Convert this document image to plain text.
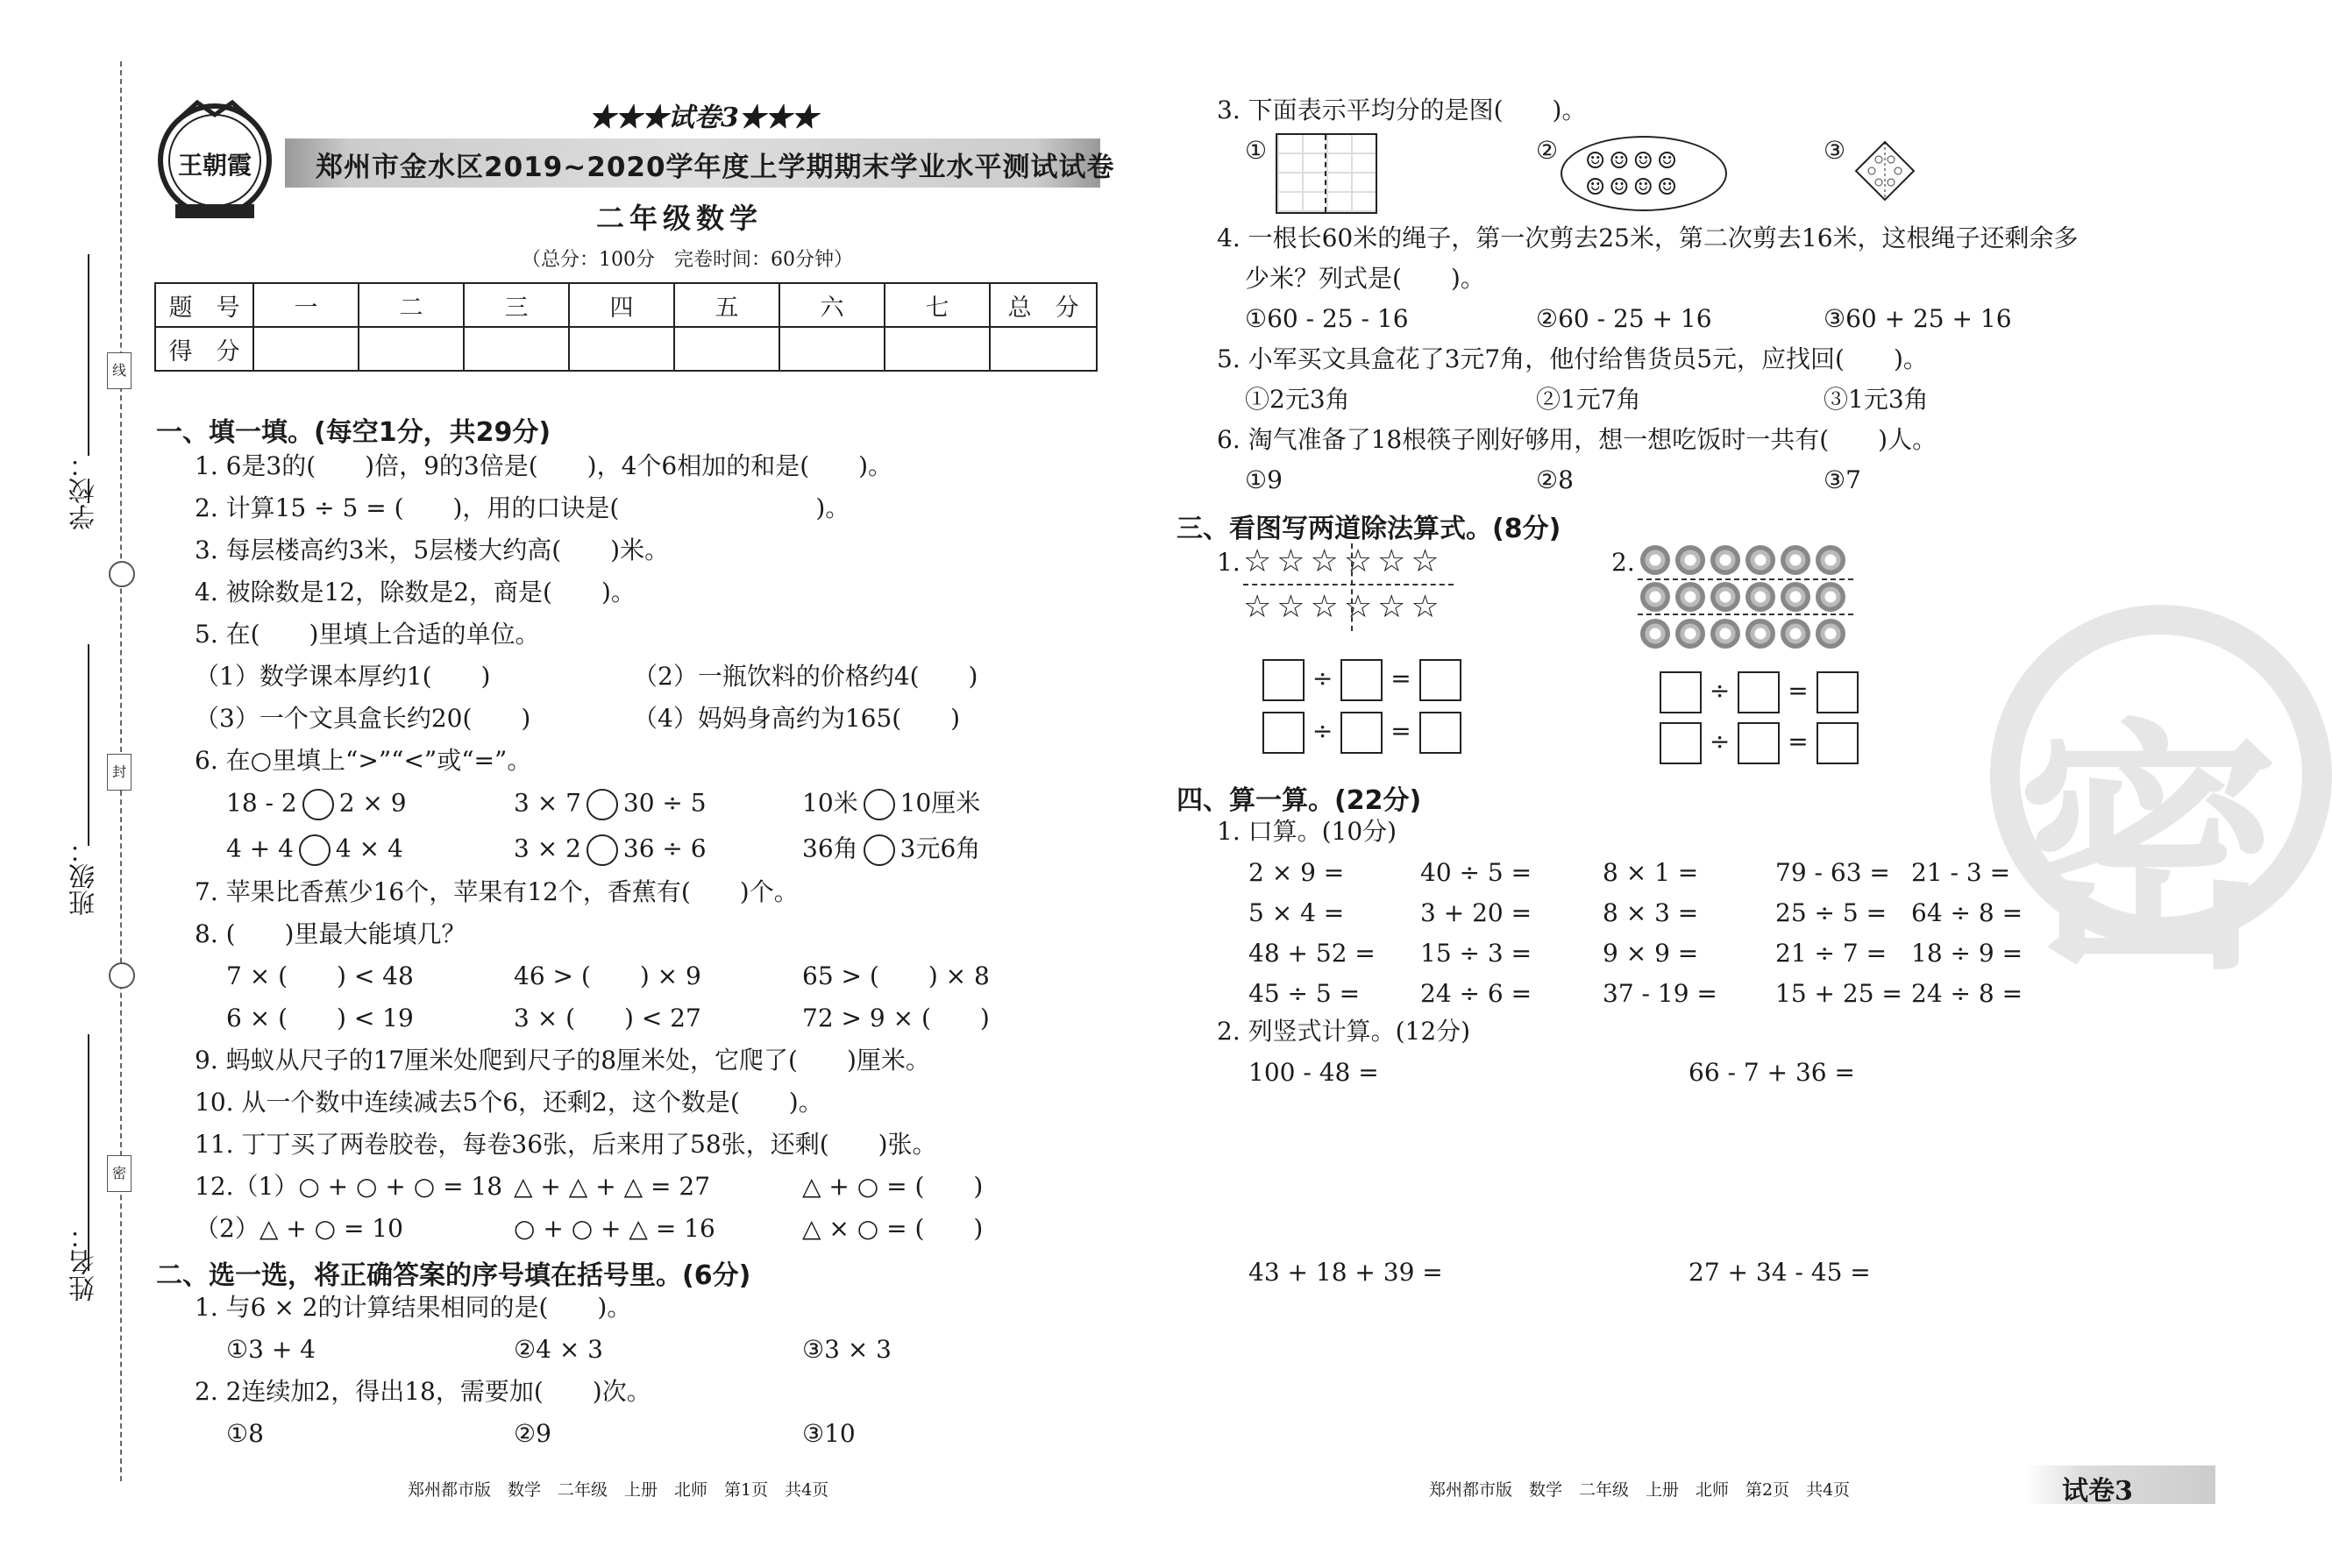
学校：
班级：
姓名：
线
封
密
王朝霞
★★★试卷3★★★
郑州市金水区2019~2020学年度上学期期末学业水平测试试卷
二年级数学
（总分：100分　完卷时间：60分钟）
题　号	一	二	三	四	五	六	七	总　分
得　分								
一、填一填。(每空1分，共29分)
1. 6是3的(　　)倍，9的3倍是(　　)，4个6相加的和是(　　)。
2. 计算15 ÷ 5 = (　　)，用的口诀是(　　　　　　　　)。
3. 每层楼高约3米，5层楼大约高(　　)米。
4. 被除数是12，除数是2，商是(　　)。
5. 在(　　)里填上合适的单位。
（1）数学课本厚约1(　　)	（2）一瓶饮料的价格约4(　　)
（3）一个文具盒长约20(　　)	（4）妈妈身高约为165(　　)
6. 在○里填上“>”“<”或“=”。
18 - 2 2 × 9	3 × 7 30 ÷ 5	10米 10厘米
4 + 4 4 × 4	3 × 2 36 ÷ 6	36角 3元6角
7. 苹果比香蕉少16个，苹果有12个，香蕉有(　　)个。
8. (　　)里最大能填几？
7 × (　　) < 48	46 > (　　) × 9	65 > (　　) × 8
6 × (　　) < 19	3 × (　　) < 27	72 > 9 × (　　)
9. 蚂蚁从尺子的17厘米处爬到尺子的8厘米处，它爬了(　　)厘米。
10. 从一个数中连续减去5个6，还剩2，这个数是(　　)。
11. 丁丁买了两卷胶卷，每卷36张，后来用了58张，还剩(　　)张。
12.（1）○ + ○ + ○ = 18 △ + △ + △ = 27	△ + ○ = (　　)
（2）△ + ○ = 10	○ + ○ + △ = 16	△ × ○ = (　　)
二、选一选，将正确答案的序号填在括号里。(6分)
1. 与6 × 2的计算结果相同的是(　　)。
①3 + 4	②4 × 3	③3 × 3
2. 2连续加2，得出18，需要加(　　)次。
①8	②9	③10
郑州都市版　数学　二年级　上册　北师　第1页　共4页
密
3. 下面表示平均分的是图(　　)。
①	② ☺☺☺☺
☺☺☺☺
③
4. 一根长60米的绳子，第一次剪去25米，第二次剪去16米，这根绳子还剩余多
少米？列式是(　　)。
①60 - 25 - 16	②60 - 25 + 16	③60 + 25 + 16
5. 小军买文具盒花了3元7角，他付给售货员5元，应找回(　　)。
①2元3角	②1元7角	③1元3角
6. 淘气准备了18根筷子刚好够用，想一想吃饭时一共有(　　)人。
①9	②8	③7
三、看图写两道除法算式。(8分)
1. ☆☆☆☆☆☆
☆☆☆☆☆☆
÷ =
÷ =
2.
÷ =
÷ =
四、算一算。(22分)
1. 口算。(10分)
2 × 9 =	40 ÷ 5 =	8 × 1 =	79 - 63 = 21 - 3 =
5 × 4 =	3 + 20 =	8 × 3 =	25 ÷ 5 = 64 ÷ 8 =
48 + 52 = 15 ÷ 3 =	9 × 9 =	21 ÷ 7 = 18 ÷ 9 =
45 ÷ 5 = 24 ÷ 6 =	37 - 19 = 15 + 25 = 24 ÷ 8 =
2. 列竖式计算。(12分)
100 - 48 =	66 - 7 + 36 =
43 + 18 + 39 =	27 + 34 - 45 =
郑州都市版　数学　二年级　上册　北师　第2页　共4页	试卷3
